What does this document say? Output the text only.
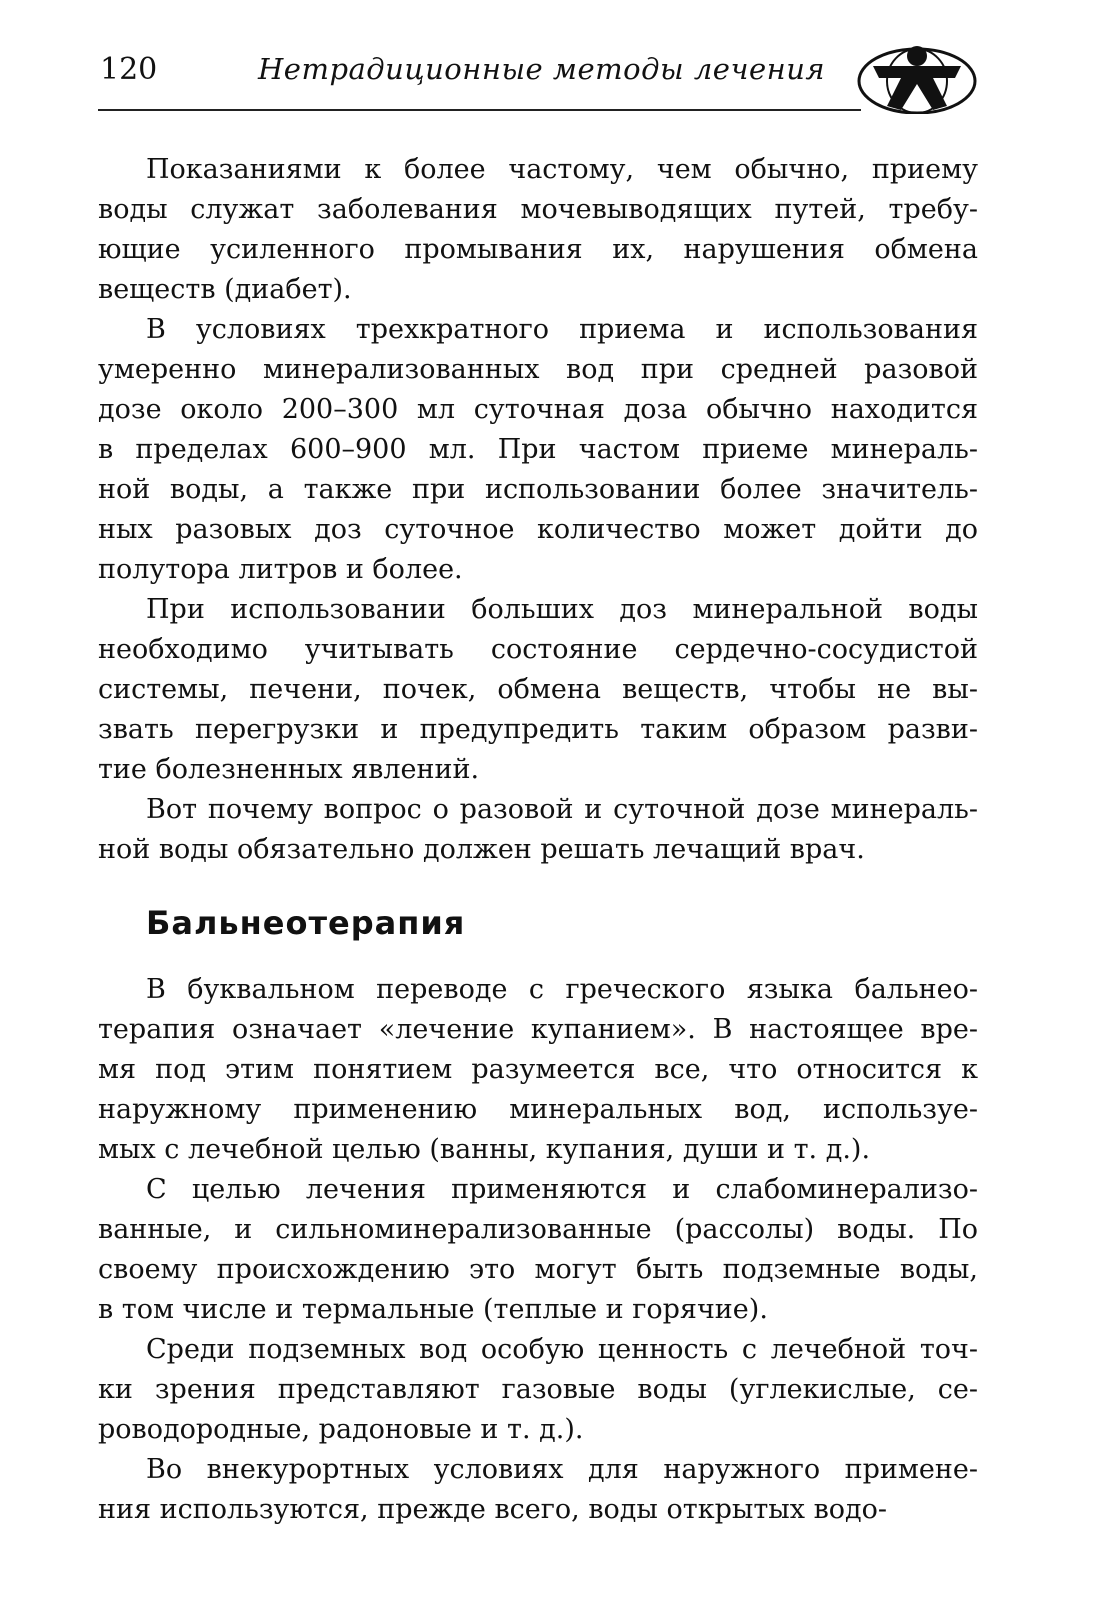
120	Нетрадиционные методы лечения
Показаниями к более частому, чем обычно, приему
воды служат заболевания мочевыводящих путей, требу-
ющие усиленного промывания их, нарушения обмена
веществ (диабет).
В условиях трехкратного приема и использования
умеренно минерализованных вод при средней разовой
дозе около 200–300 мл суточная доза обычно находится
в пределах 600–900 мл. При частом приеме минераль-
ной воды, а также при использовании более значитель-
ных разовых доз суточное количество может дойти до
полутора литров и более.
При использовании больших доз минеральной воды
необходимо учитывать состояние сердечно-сосудистой
системы, печени, почек, обмена веществ, чтобы не вы-
звать перегрузки и предупредить таким образом разви-
тие болезненных явлений.
Вот почему вопрос о разовой и суточной дозе минераль-
ной воды обязательно должен решать лечащий врач.
Бальнеотерапия
В буквальном переводе с греческого языка бальнео-
терапия означает «лечение купанием». В настоящее вре-
мя под этим понятием разумеется все, что относится к
наружному применению минеральных вод, используе-
мых с лечебной целью (ванны, купания, души и т. д.).
С целью лечения применяются и слабоминерализо-
ванные, и сильноминерализованные (рассолы) воды. По
своему происхождению это могут быть подземные воды,
в том числе и термальные (теплые и горячие).
Среди подземных вод особую ценность с лечебной точ-
ки зрения представляют газовые воды (углекислые, се-
роводородные, радоновые и т. д.).
Во внекурортных условиях для наружного примене-
ния используются, прежде всего, воды открытых водо-
